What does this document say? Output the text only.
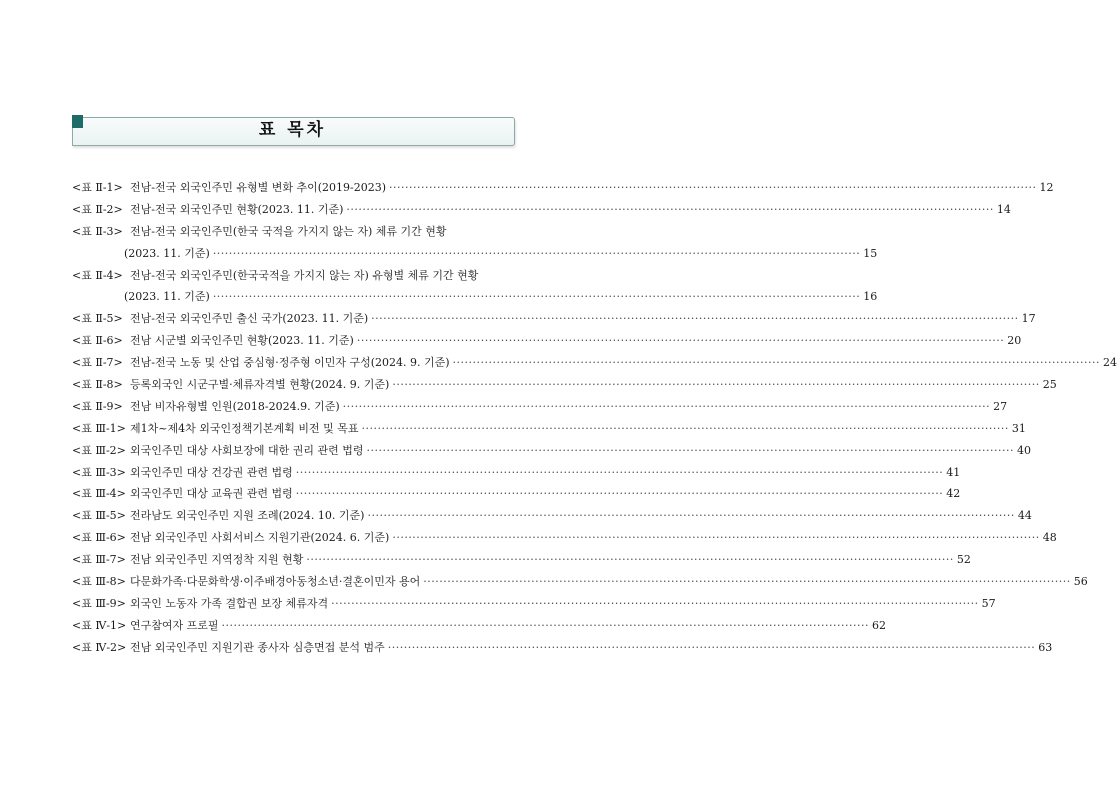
표 목차
<표 Ⅱ-1> 전남-전국 외국인주민 유형별 변화 추이(2019-2023) ·····	12
<표 Ⅱ-2> 전남-전국 외국인주민 현황(2023. 11. 기준) ·····	14
<표 Ⅱ-3> 전남-전국 외국인주민(한국 국적을 가지지 않는 자) 체류 기간 현황
(2023. 11. 기준) ·····	15
<표 Ⅱ-4> 전남-전국 외국인주민(한국국적을 가지지 않는 자) 유형별 체류 기간 현황
(2023. 11. 기준) ·····	16
<표 Ⅱ-5> 전남-전국 외국인주민 출신 국가(2023. 11. 기준) ·····	17
<표 Ⅱ-6> 전남 시군별 외국인주민 현황(2023. 11. 기준) ·····	20
<표 Ⅱ-7> 전남-전국 노동 및 산업 중심형·정주형 이민자 구성(2024. 9. 기준) ·····	24
<표 Ⅱ-8> 등록외국인 시군구별·체류자격별 현황(2024. 9. 기준) ·····	25
<표 Ⅱ-9> 전남 비자유형별 인원(2018-2024.9. 기준) ·····	27
<표 Ⅲ-1> 제1차~제4차 외국인정책기본계획 비전 및 목표 ·····	31
<표 Ⅲ-2> 외국인주민 대상 사회보장에 대한 권리 관련 법령 ·····	40
<표 Ⅲ-3> 외국인주민 대상 건강권 관련 법령 ·····	41
<표 Ⅲ-4> 외국인주민 대상 교육권 관련 법령 ·····	42
<표 Ⅲ-5> 전라남도 외국인주민 지원 조례(2024. 10. 기준) ·····	44
<표 Ⅲ-6> 전남 외국인주민 사회서비스 지원기관(2024. 6. 기준) ·····	48
<표 Ⅲ-7> 전남 외국인주민 지역정착 지원 현황 ·····	52
<표 Ⅲ-8> 다문화가족·다문화학생·이주배경아동청소년·결혼이민자 용어 ·····	56
<표 Ⅲ-9> 외국인 노동자 가족 결합권 보장 체류자격 ·····	57
<표 Ⅳ-1> 연구참여자 프로필 ·····	62
<표 Ⅳ-2> 전남 외국인주민 지원기관 종사자 심층면접 분석 범주 ·····	63
